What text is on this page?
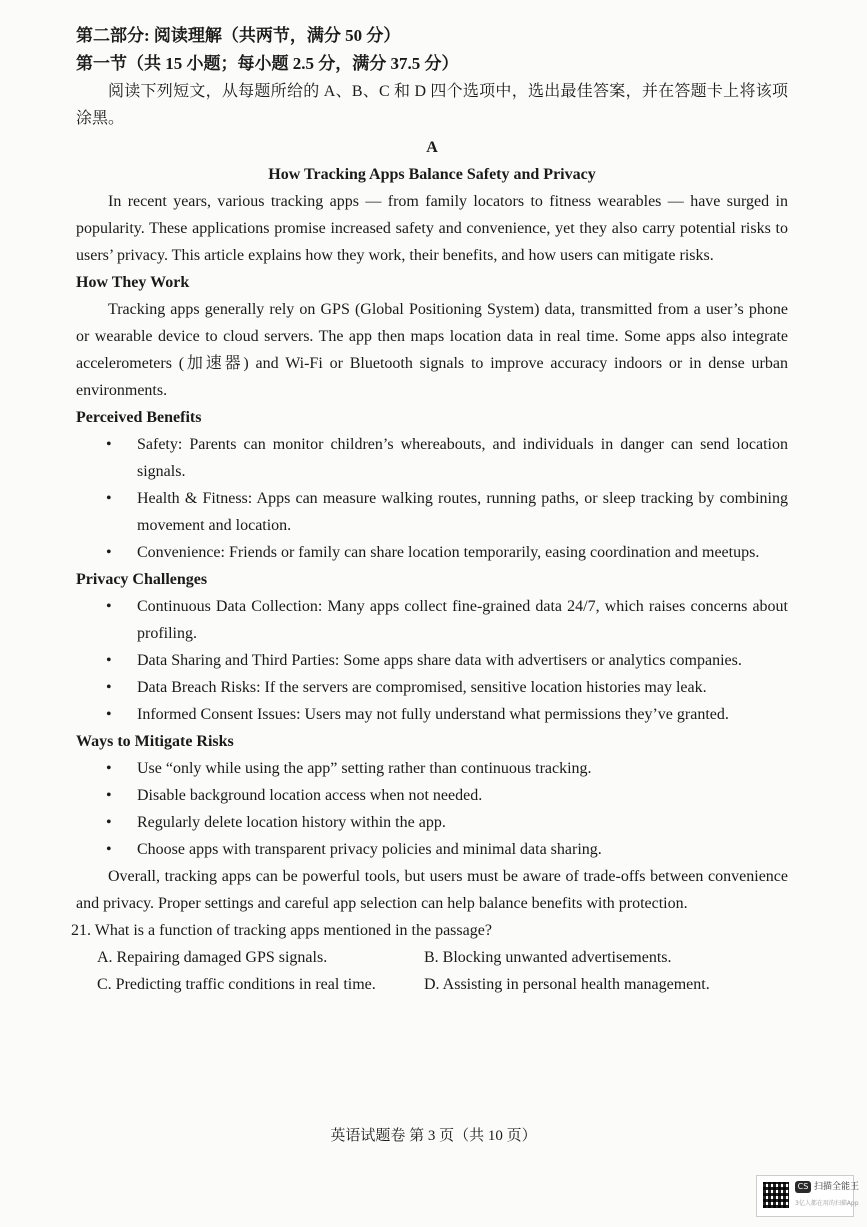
第二部分: 阅读理解（共两节，满分 50 分）

第一节（共 15 小题；每小题 2.5 分，满分 37.5 分）

阅读下列短文，从每题所给的 A、B、C 和 D 四个选项中，选出最佳答案，并在答题卡上将该项涂黑。

A
How Tracking Apps Balance Safety and Privacy

In recent years, various tracking apps — from family locators to fitness wearables — have surged in popularity. These applications promise increased safety and convenience, yet they also carry potential risks to users’ privacy. This article explains how they work, their benefits, and how users can mitigate risks.

How They Work

Tracking apps generally rely on GPS (Global Positioning System) data, transmitted from a user’s phone or wearable device to cloud servers. The app then maps location data in real time. Some apps also integrate accelerometers (加速器) and Wi-Fi or Bluetooth signals to improve accuracy indoors or in dense urban environments.

Perceived Benefits

• Safety: Parents can monitor children’s whereabouts, and individuals in danger can send location signals.
• Health & Fitness: Apps can measure walking routes, running paths, or sleep tracking by combining movement and location.
• Convenience: Friends or family can share location temporarily, easing coordination and meetups.

Privacy Challenges

• Continuous Data Collection: Many apps collect fine-grained data 24/7, which raises concerns about profiling.
• Data Sharing and Third Parties: Some apps share data with advertisers or analytics companies.
• Data Breach Risks: If the servers are compromised, sensitive location histories may leak.
• Informed Consent Issues: Users may not fully understand what permissions they’ve granted.

Ways to Mitigate Risks

• Use “only while using the app” setting rather than continuous tracking.
• Disable background location access when not needed.
• Regularly delete location history within the app.
• Choose apps with transparent privacy policies and minimal data sharing.

Overall, tracking apps can be powerful tools, but users must be aware of trade-offs between convenience and privacy. Proper settings and careful app selection can help balance benefits with protection.

21. What is a function of tracking apps mentioned in the passage?

A. Repairing damaged GPS signals.	B. Blocking unwanted advertisements.
C. Predicting traffic conditions in real time.	D. Assisting in personal health management.
英语试题卷 第 3 页（共 10 页）
CS 扫描全能王
3亿人都在用的扫描App
